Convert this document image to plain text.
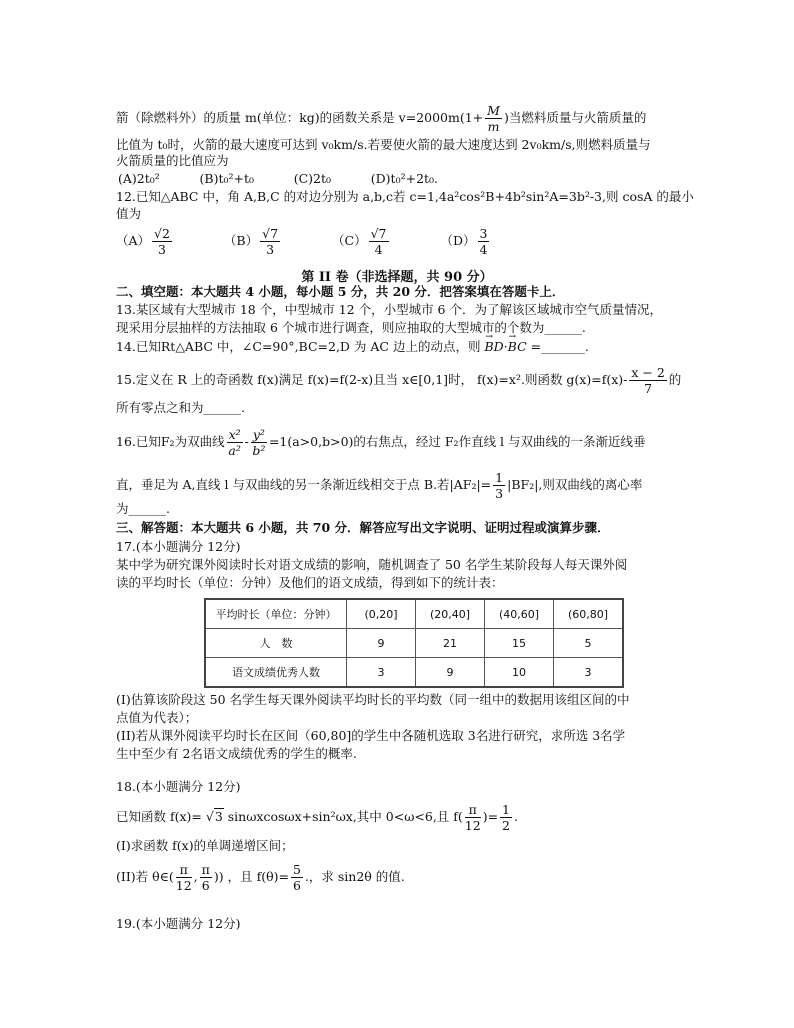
箭（除燃料外）的质量 m(单位：kg)的函数关系是 $v=2000m(1+ \frac{M}{m}$ )当燃料质量与火箭质量的
比值为 t₀时，火箭的最大速度可达到 v₀km/s.若要使火箭的最大速度达到 2v₀km/s,则燃料质量与
火箭质量的比值应为
(A)2t₀²          (B)t₀²+t₀          (C)2t₀          (D)t₀²+2t₀.
12.已知△ABC 中，角 A,B,C 的对边分别为 a,b,c若 c=1,4a²cos²B+4b²sin²A=3b²-3,则 cosA 的最小
值为
$(A) \frac{√2}{3}$	$(B) \frac{√7}{3}$	$(C) \frac{√7}{4}$	$(D) \frac{3}{4}$
第 II 卷（非选择题，共 90 分）
二、填空题：本大题共 4 小题，每小题 5 分，共 20 分．把答案填在答题卡上．
13.某区域有大型城市 18 个，中型城市 12 个，小型城市 6 个．为了解该区域城市空气质量情况，
现采用分层抽样的方法抽取 6 个城市进行调查，则应抽取的大型城市的个数为______.
14.已知Rt△ABC 中，∠C=90°,BC=2,D 为 AC 边上的动点，则 → BD·→ BC =_______.
15.定义在 R 上的奇函数 f(x)满足 f(x)=f(2-x)且当 x∈[0,1]时， f(x)=x².则函数 $g(x)=f(x)- \frac{x - 2}{7}$ 的
所有零点之和为______.
16.已知F₂为双曲线 $\frac{\text{x²}}{\text{a²}} - \frac{\text{y²}}{\text{b²}} =1(a>0,b>0)$的右焦点，经过 F₂作直线 l 与双曲线的一条渐近线垂
直，垂足为 A,直线 l 与双曲线的另一条渐近线相交于点 B.若$|AF_2|= \frac{1}{3} |BF_2|$,则双曲线的离心率
为______.
三、解答题：本大题共 6 小题，共 70 分．解答应写出文字说明、证明过程或演算步骤．
17.(本小题满分 12分)
某中学为研究课外阅读时长对语文成绩的影响，随机调查了 50 名学生某阶段每人每天课外阅
读的平均时长（单位：分钟）及他们的语文成绩，得到如下的统计表：
平均时长（单位：分钟）	(0,20]	(20,40]	(40,60]	(60,80]
人　数	9	21	15	5
语文成绩优秀人数	3	9	10	3
(I)估算该阶段这 50 名学生每天课外阅读平均时长的平均数（同一组中的数据用该组区间的中
点值为代表）；
(II)若从课外阅读平均时长在区间（60,80]的学生中各随机选取 3名进行研究，求所选 3名学
生中至少有 2名语文成绩优秀的学生的概率.
18.(本小题满分 12分)
已知函数 f(x)= √3 sinωxcosωx+sin²ωx,其中 0<ω<6,且 $f( \frac{\pi}{12}$ )= $\frac{1}{2}$ .
(I)求函数 f(x)的单调递增区间；
(II)若 θ∈( $\frac{\pi}{12}$ , $\frac{\pi}{6}$ )) ，且 $f(\theta)= \frac{5}{6}$ .，求 sin2θ 的值.
19.(本小题满分 12分)
